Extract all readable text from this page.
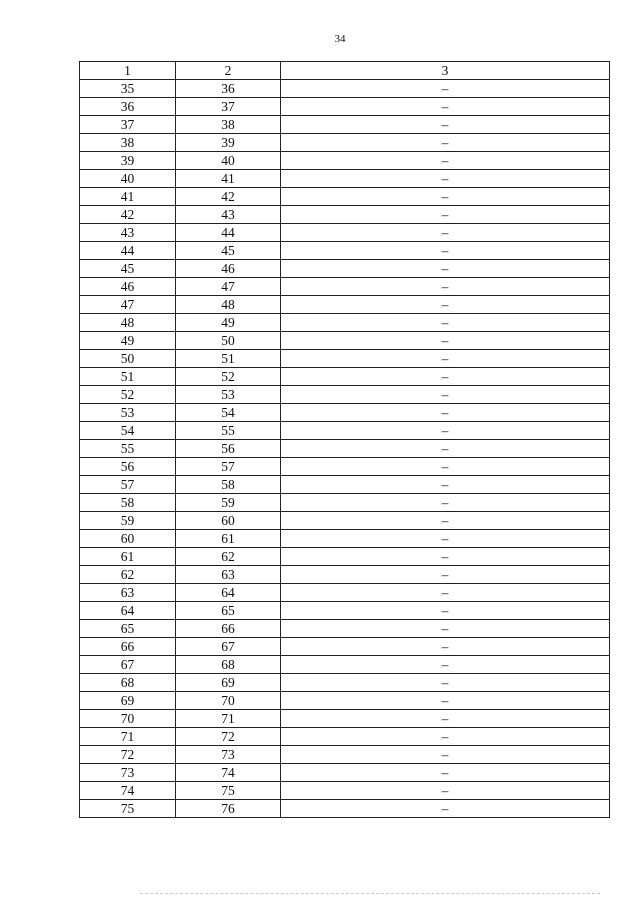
34
1	2	3
35	36	–
36	37	–
37	38	–
38	39	–
39	40	–
40	41	–
41	42	–
42	43	–
43	44	–
44	45	–
45	46	–
46	47	–
47	48	–
48	49	–
49	50	–
50	51	–
51	52	–
52	53	–
53	54	–
54	55	–
55	56	–
56	57	–
57	58	–
58	59	–
59	60	–
60	61	–
61	62	–
62	63	–
63	64	–
64	65	–
65	66	–
66	67	–
67	68	–
68	69	–
69	70	–
70	71	–
71	72	–
72	73	–
73	74	–
74	75	–
75	76	–
